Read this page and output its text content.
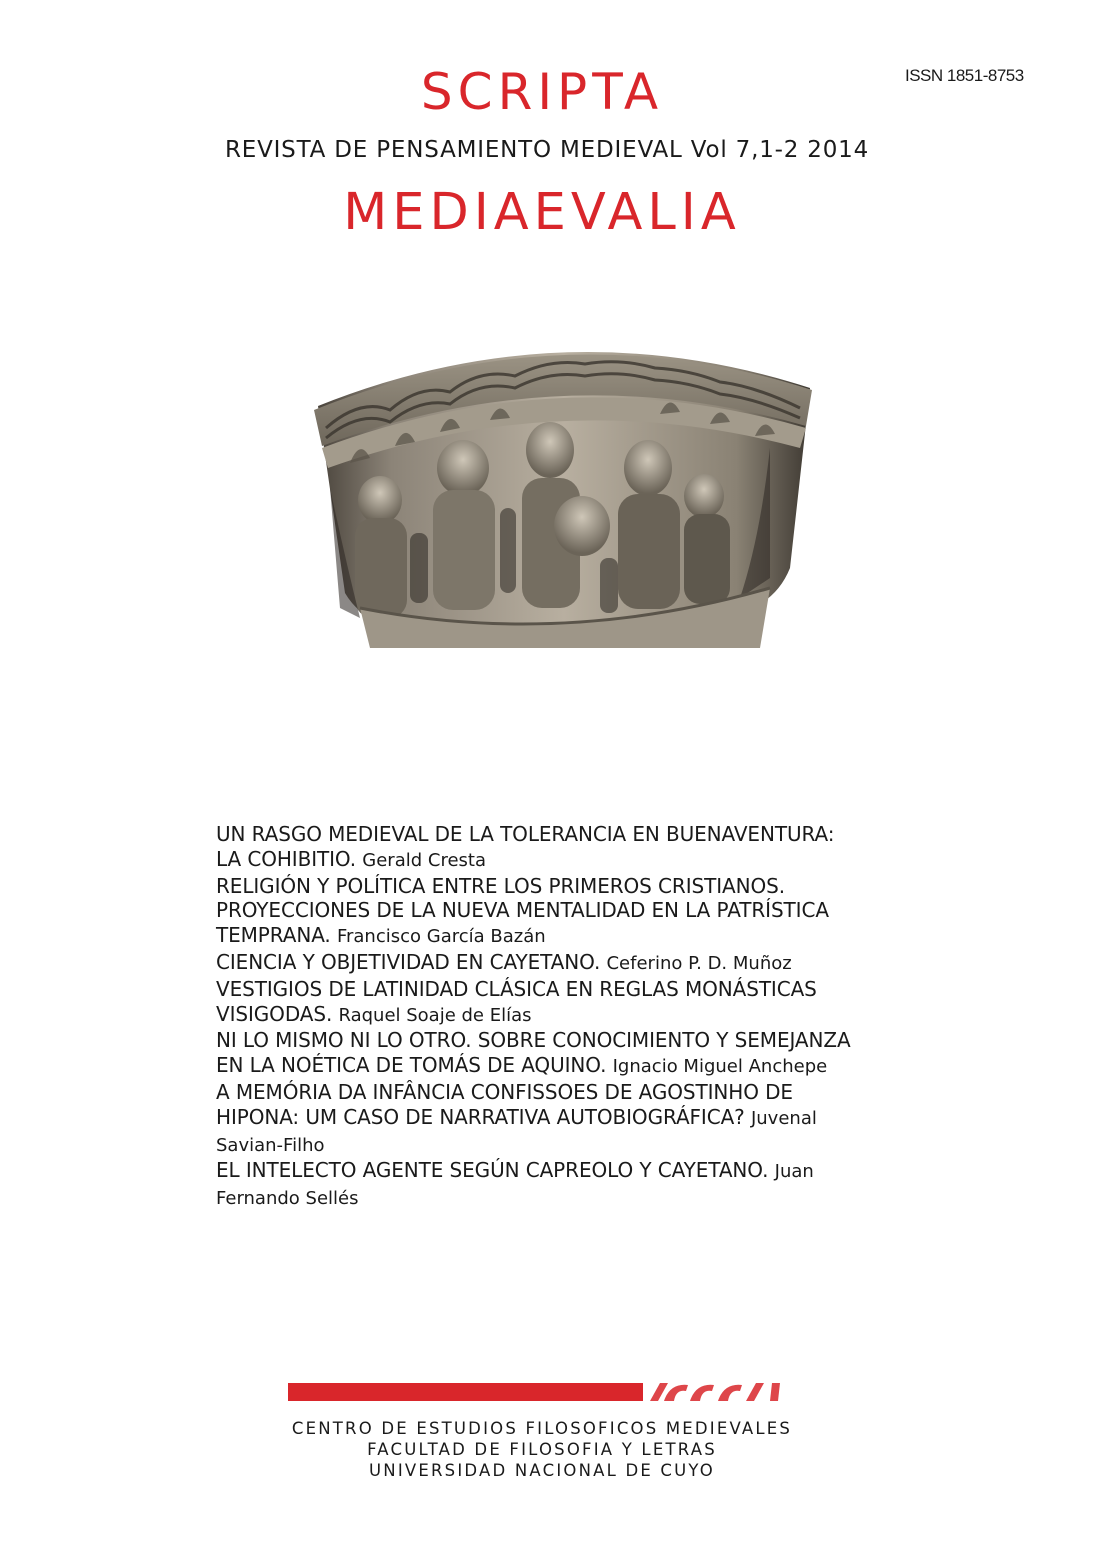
ISSN 1851-8753
SCRIPTA
REVISTA DE PENSAMIENTO MEDIEVAL Vol 7,1-2 2014
MEDIAEVALIA
UN RASGO MEDIEVAL DE LA TOLERANCIA EN BUENAVENTURA: LA COHIBITIO. Gerald Cresta
RELIGIÓN Y POLÍTICA ENTRE LOS PRIMEROS CRISTIANOS. PROYECCIONES DE LA NUEVA MENTALIDAD EN LA PATRÍSTICA TEMPRANA. Francisco García Bazán
CIENCIA Y OBJETIVIDAD EN CAYETANO. Ceferino P. D. Muñoz
VESTIGIOS DE LATINIDAD CLÁSICA EN REGLAS MONÁSTICAS VISIGODAS. Raquel Soaje de Elías
NI LO MISMO NI LO OTRO. SOBRE CONOCIMIENTO Y SEMEJANZA EN LA NOÉTICA DE TOMÁS DE AQUINO. Ignacio Miguel Anchepe
A MEMÓRIA DA INFÂNCIA CONFISSOES DE AGOSTINHO DE HIPONA: UM CASO DE NARRATIVA AUTOBIOGRÁFICA? Juvenal Savian-Filho
EL INTELECTO AGENTE SEGÚN CAPREOLO Y CAYETANO. Juan Fernando Sellés
CENTRO DE ESTUDIOS FILOSOFICOS MEDIEVALES
FACULTAD DE FILOSOFIA Y LETRAS
UNIVERSIDAD NACIONAL DE CUYO
